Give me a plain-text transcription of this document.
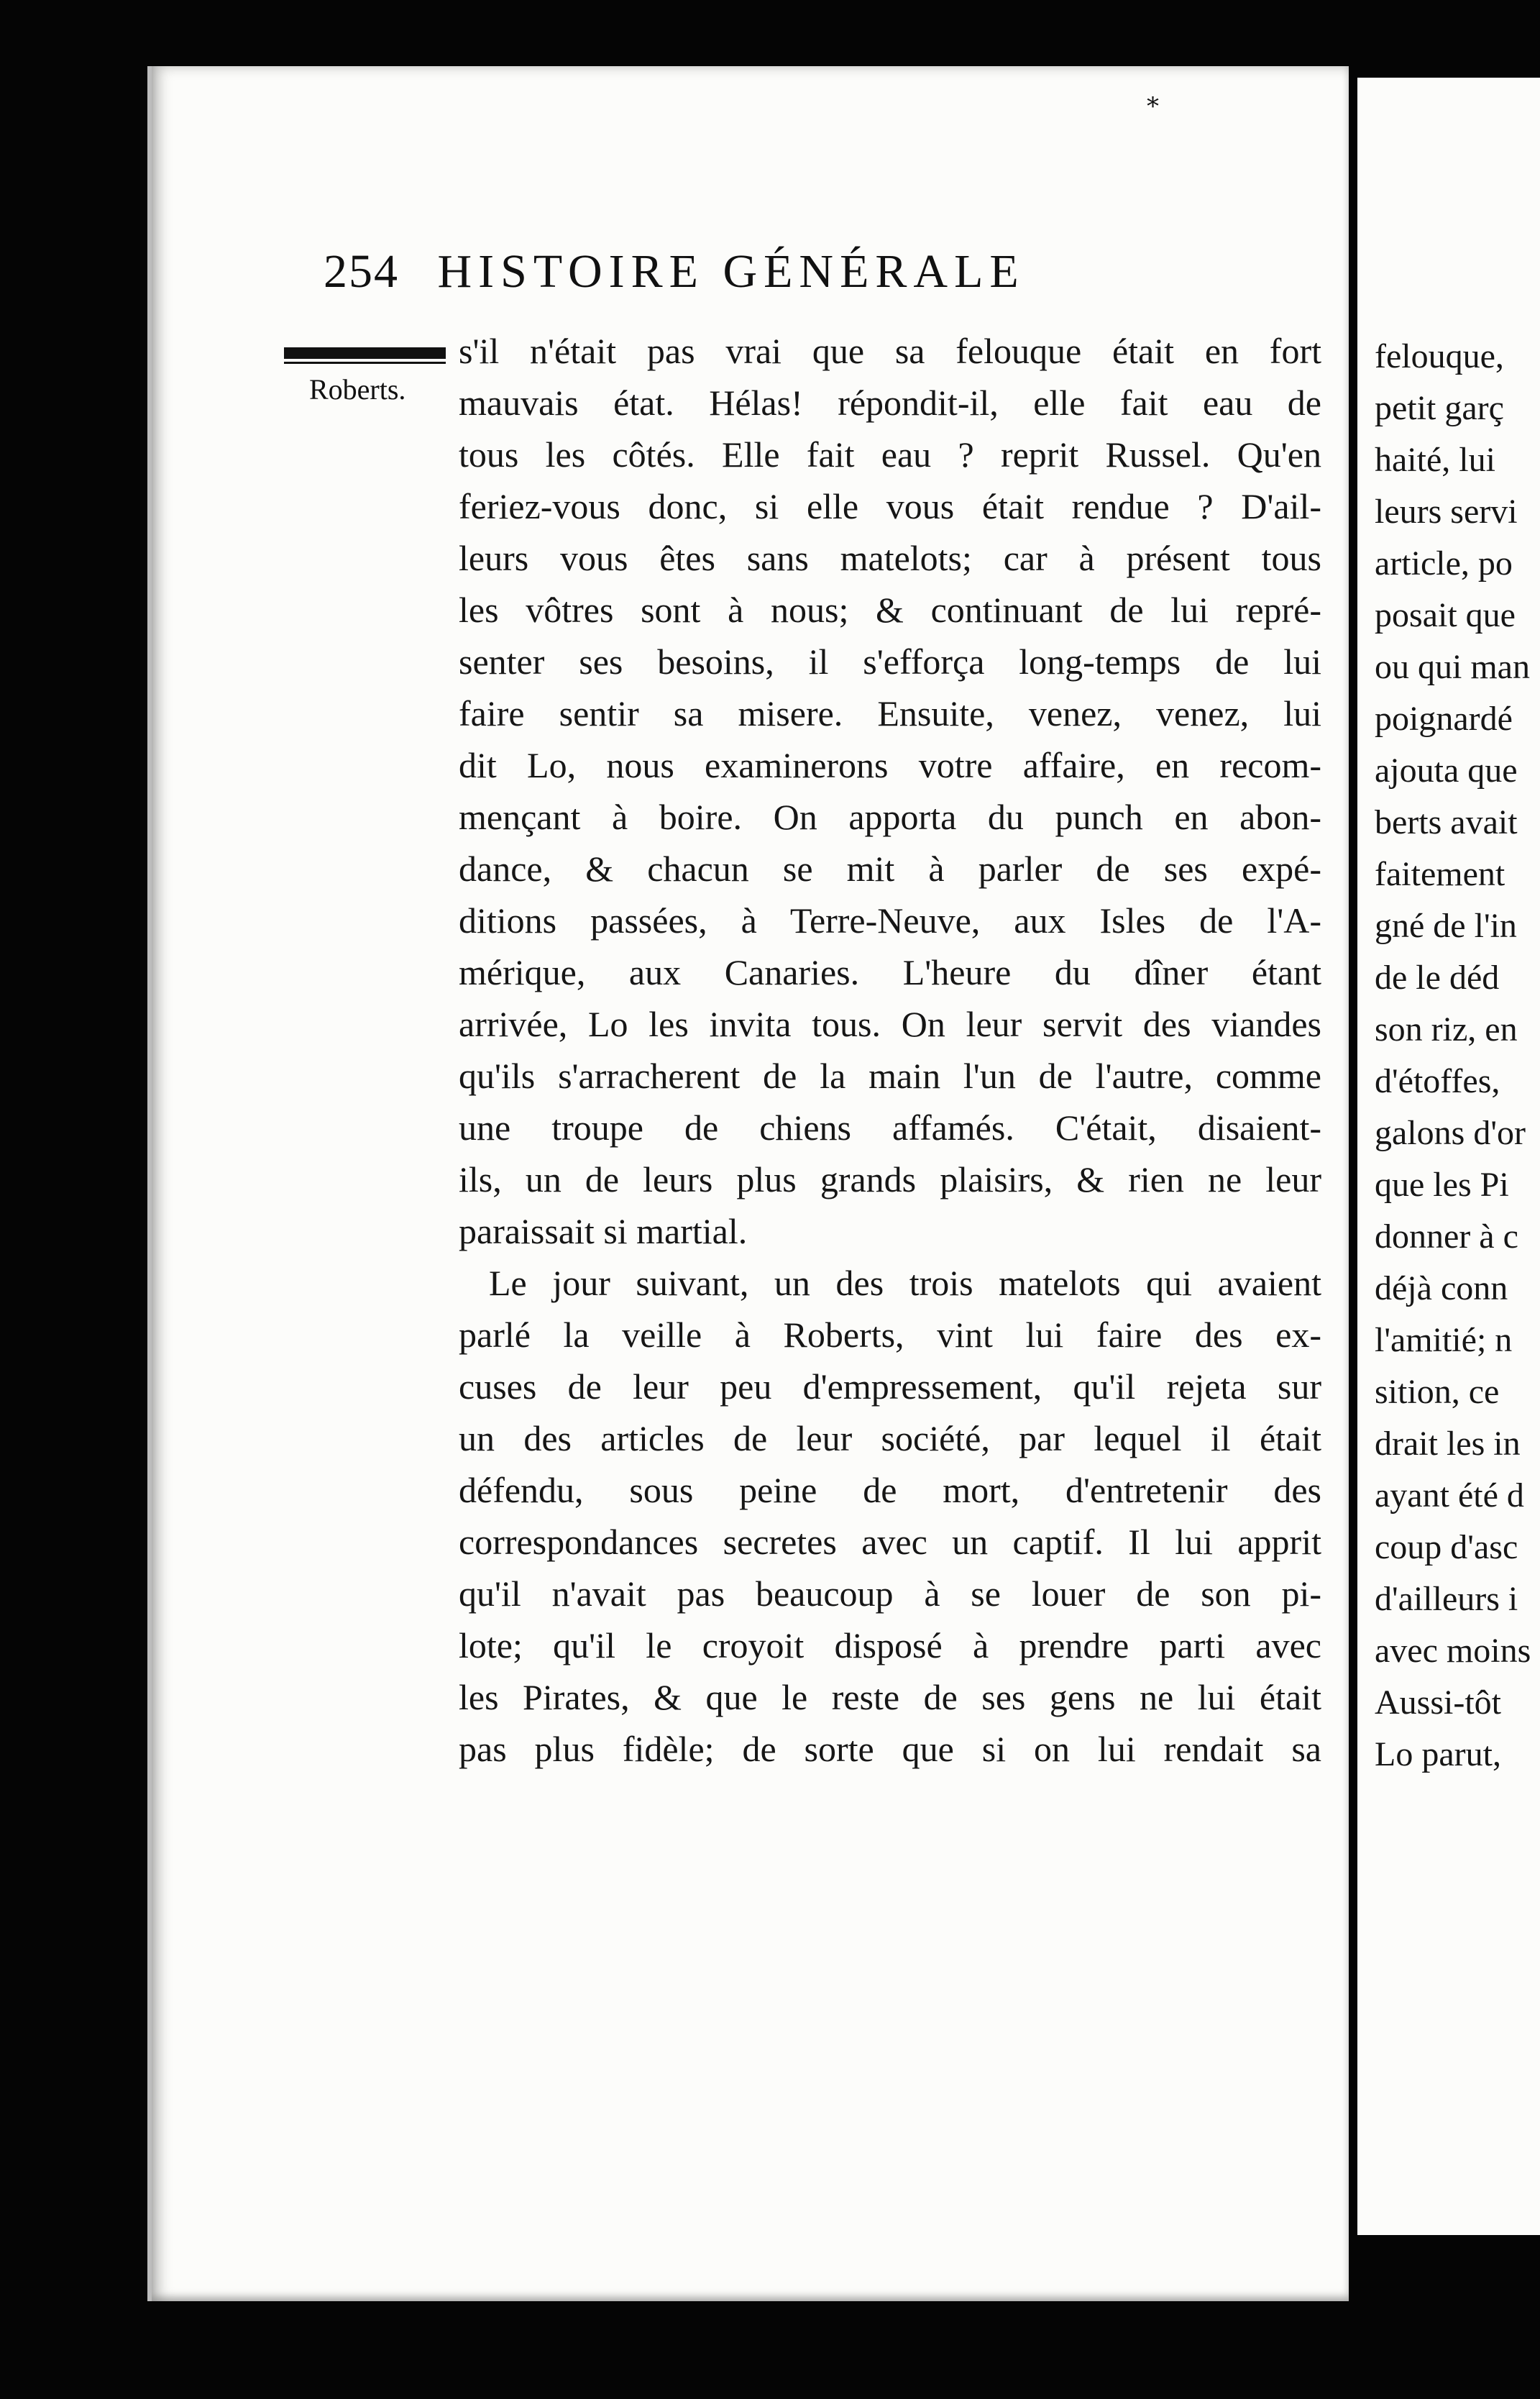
felouque,
petit garç
haité, lui
leurs servi
article, po
posait que
ou qui man
poignardé
ajouta que
berts avait
faitement
gné de l'in
de le déd
son riz, en
d'étoffes,
galons d'or
que les Pi
donner à c
déjà conn
l'amitié; n
sition, ce
drait les in
ayant été d
coup d'asc
d'ailleurs i
avec moins
Aussi-tôt
Lo parut,
*
254 HISTOIRE GÉNÉRALE
Roberts.
s'il n'était pas vrai que sa felouque était en fort
mauvais état. Hélas! répondit-il, elle fait eau de
tous les côtés. Elle fait eau ? reprit Russel. Qu'en
feriez-vous donc, si elle vous était rendue ? D'ail-
leurs vous êtes sans matelots; car à présent tous
les vôtres sont à nous; & continuant de lui repré-
senter ses besoins, il s'efforça long-temps de lui
faire sentir sa misere. Ensuite, venez, venez, lui
dit Lo, nous examinerons votre affaire, en recom-
mençant à boire. On apporta du punch en abon-
dance, & chacun se mit à parler de ses expé-
ditions passées, à Terre-Neuve, aux Isles de l'A-
mérique, aux Canaries. L'heure du dîner étant
arrivée, Lo les invita tous. On leur servit des viandes
qu'ils s'arracherent de la main l'un de l'autre, comme
une troupe de chiens affamés. C'était, disaient-
ils, un de leurs plus grands plaisirs, & rien ne leur
paraissait si martial.
Le jour suivant, un des trois matelots qui avaient
parlé la veille à Roberts, vint lui faire des ex-
cuses de leur peu d'empressement, qu'il rejeta sur
un des articles de leur société, par lequel il était
défendu, sous peine de mort, d'entretenir des
correspondances secretes avec un captif. Il lui apprit
qu'il n'avait pas beaucoup à se louer de son pi-
lote; qu'il le croyoit disposé à prendre parti avec
les Pirates, & que le reste de ses gens ne lui était
pas plus fidèle; de sorte que si on lui rendait sa
